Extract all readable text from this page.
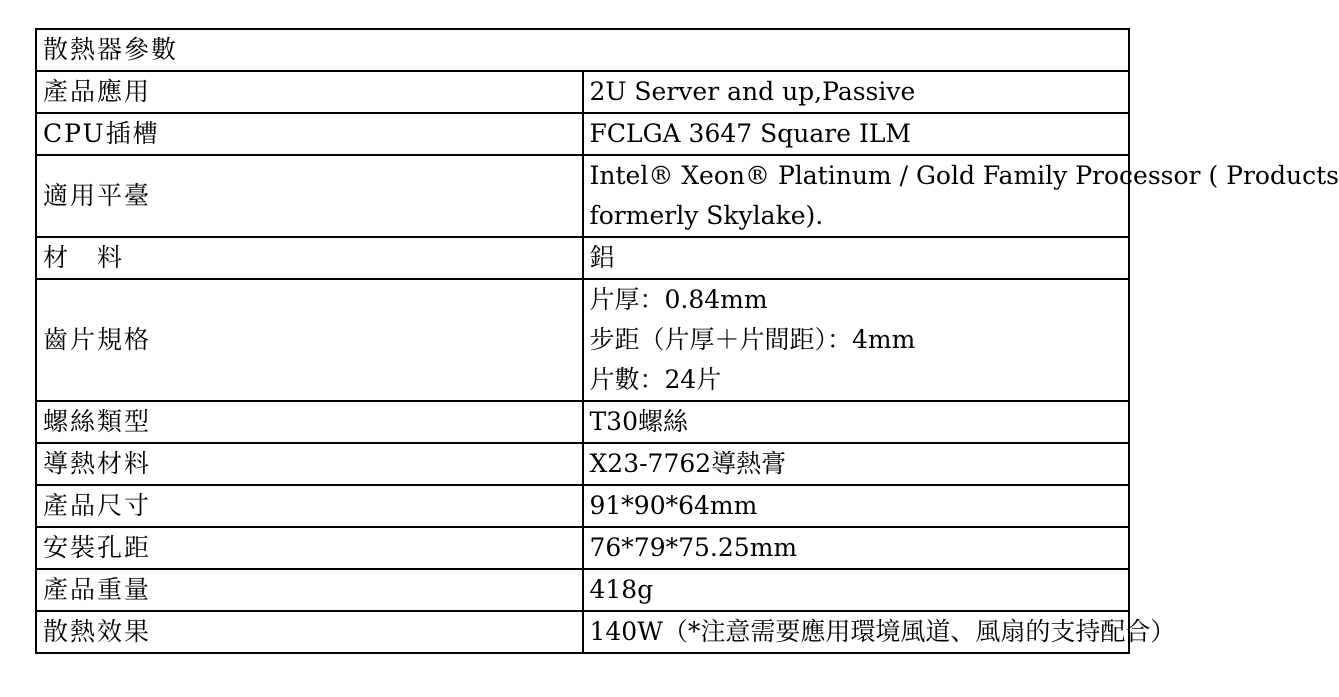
散熱器參數	
產品應用	2U Server and up,Passive

CPU插槽	FCLGA 3647 Square ILM

適用平臺	Intel® Xeon® Platinum / Gold Family Processor ( Products
formerly Skylake).

材　料	鋁

齒片規格	片厚：0.84mm
步距（片厚＋片間距）：4mm
片數：24片

螺絲類型	T30螺絲

導熱材料	X23-7762導熱膏

產品尺寸	91*90*64mm

安裝孔距	76*79*75.25mm

產品重量	418g

散熱效果	140W（*注意需要應用環境風道、風扇的支持配合）
